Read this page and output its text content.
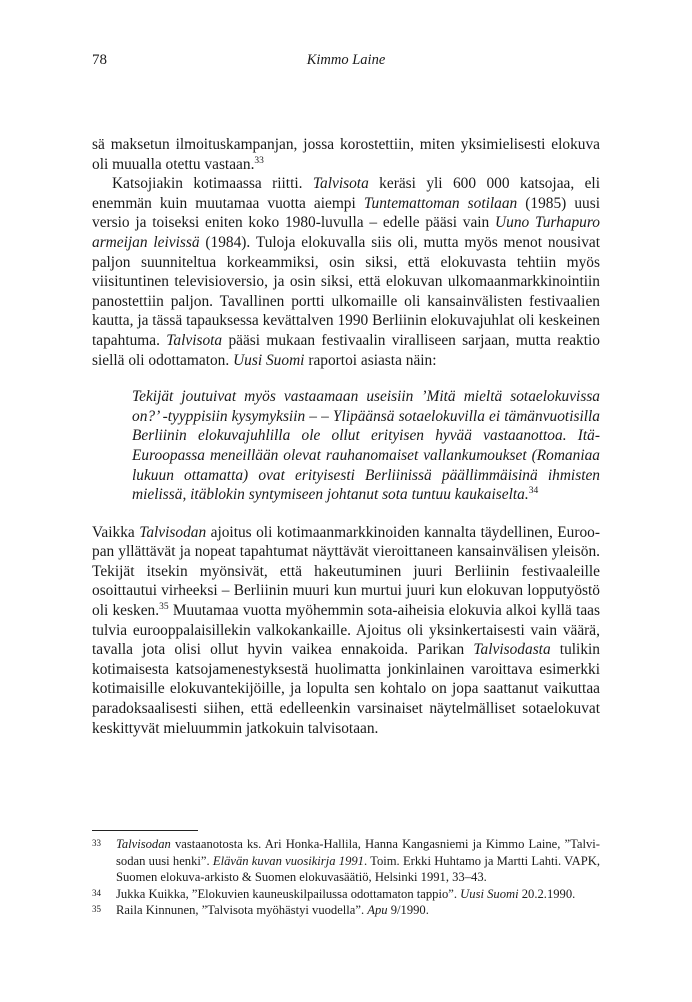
78	Kimmo Laine

sä maksetun ilmoituskampanjan, jossa korostettiin, miten yksimielisesti elokuva oli muualla otettu vastaan.$^{33}$

Katsojiakin kotimaassa riitti. Talvisota keräsi yli 600 000 katsojaa, eli enemmän kuin muutamaa vuotta aiempi Tuntemattoman sotilaan (1985) uusi versio ja toiseksi eniten koko 1980-luvulla – edelle pääsi vain Uuno Turhapuro armeijan leivissä (1984). Tuloja elokuvalla siis oli, mutta myös menot nousivat paljon suunniteltua korkeammiksi, osin siksi, että elokuvasta tehtiin myös viisituntinen televisioversio, ja osin siksi, että elokuvan ulkomaanmarkkinointiin panostettiin paljon. Tavallinen portti ulkomaille oli kansainvälisten festivaalien kautta, ja tässä tapauksessa kevättalven 1990 Berliinin elokuvajuhlat oli keskeinen tapahtuma. Talvisota pääsi mukaan festivaalin viralliseen sarjaan, mutta reaktio siellä oli odottamaton. Uusi Suomi raportoi asiasta näin:

Tekijät joutuivat myös vastaamaan useisiin ’Mitä mieltä sotaelokuvissa on?’ -tyyppisiin kysymyksiin – – Ylipäänsä sotaelokuvilla ei tämänvuotisilla Berliinin elokuvajuhlilla ole ollut erityisen hyvää vastaanottoa. Itä-Euroopassa meneillään olevat rauhanomaiset vallankumoukset (Romaniaa lukuun ottamatta) ovat erityisesti Berliinissä päällimmäisinä ihmisten mielissä, itäblokin syntymiseen johtanut sota tuntuu kaukaiselta.$^{34}$

Vaikka Talvisodan ajoitus oli kotimaanmarkkinoiden kannalta täydellinen, Euroopan yllättävät ja nopeat tapahtumat näyttävät vieroittaneen kansainvälisen yleisön. Tekijät itsekin myönsivät, että hakeutuminen juuri Berliinin festivaaleille osoittautui virheeksi – Berliinin muuri kun murtui juuri kun elokuvan lopputyöstö oli kesken.$^{35}$ Muutamaa vuotta myöhemmin sota-aiheisia elokuvia alkoi kyllä taas tulvia eurooppalaisillekin valkokankaille. Ajoitus oli yksinkertaisesti vain väärä, tavalla jota olisi ollut hyvin vaikea ennakoida. Parikan Talvisodasta tulikin kotimaisesta katsojamenestyksestä huolimatta jonkinlainen varoittava esimerkki kotimaisille elokuvantekijöille, ja lopulta sen kohtalo on jopa saattanut vaikuttaa paradoksaalisesti siihen, että edelleenkin varsinaiset näytelmälliset sotaelokuvat keskittyvät mieluummin jatkokuin talvisotaan.

33 Talvisodan vastaanotosta ks. Ari Honka-Hallila, Hanna Kangasniemi ja Kimmo Laine, ”Talvisodan uusi henki”. Elävän kuvan vuosikirja 1991. Toim. Erkki Huhtamo ja Martti Lahti. VAPK, Suomen elokuva-arkisto & Suomen elokuvasäätiö, Helsinki 1991, 33–43.
34 Jukka Kuikka, ”Elokuvien kauneuskilpailussa odottamaton tappio”. Uusi Suomi 20.2.1990.
35 Raila Kinnunen, ”Talvisota myöhästyi vuodella”. Apu 9/1990.
